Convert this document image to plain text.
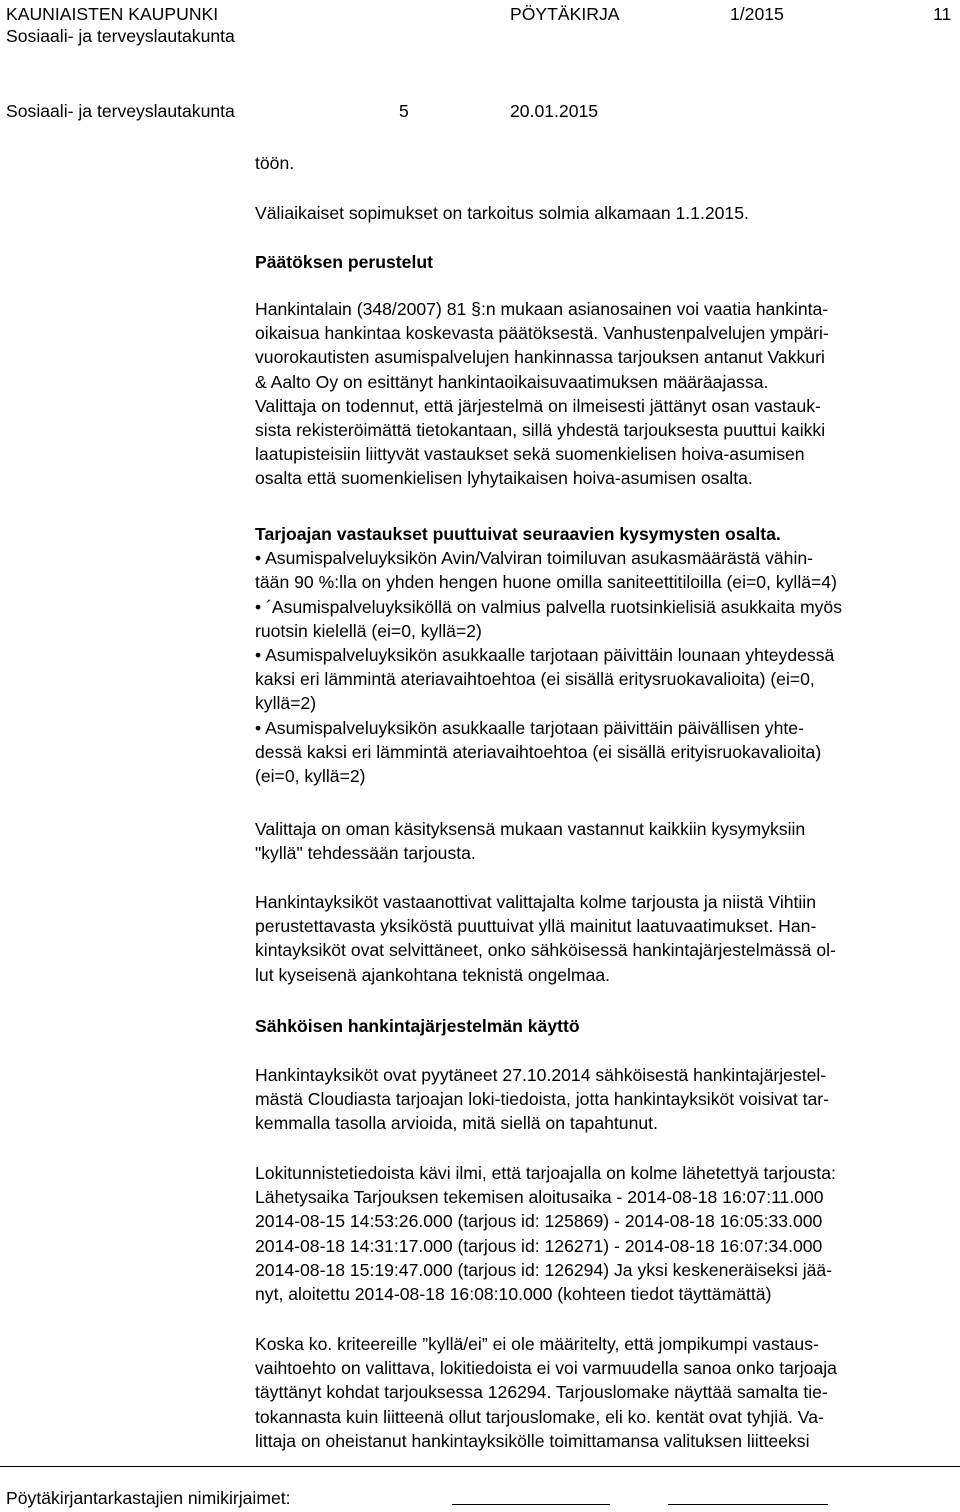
KAUNIAISTEN KAUPUNKI
Sosiaali- ja terveyslautakunta
PÖYTÄKIRJA	1/2015	11
Sosiaali- ja terveyslautakunta	5	20.01.2015
töön.
Väliaikaiset sopimukset on tarkoitus solmia alkamaan 1.1.2015.
Päätöksen perustelut
Hankintalain (348/2007) 81 §:n mukaan asianosainen voi vaatia hankinta-
oikaisua hankintaa koskevasta päätöksestä. Vanhustenpalvelujen ympäri-
vuorokautisten asumispalvelujen hankinnassa tarjouksen antanut Vakkuri
& Aalto Oy on esittänyt hankintaoikaisuvaatimuksen määräajassa.
Valittaja on todennut, että järjestelmä on ilmeisesti jättänyt osan vastauk-
sista rekisteröimättä tietokantaan, sillä yhdestä tarjouksesta puuttui kaikki
laatupisteisiin liittyvät vastaukset sekä suomenkielisen hoiva-asumisen
osalta että suomenkielisen lyhytaikaisen hoiva-asumisen osalta.
Tarjoajan vastaukset puuttuivat seuraavien kysymysten osalta.
• Asumispalveluyksikön Avin/Valviran toimiluvan asukasmäärästä vähin-
tään 90 %:lla on yhden hengen huone omilla saniteettitiloilla (ei=0, kyllä=4)
• ´Asumispalveluyksiköllä on valmius palvella ruotsinkielisiä asukkaita myös
ruotsin kielellä (ei=0, kyllä=2)
• Asumispalveluyksikön asukkaalle tarjotaan päivittäin lounaan yhteydessä
kaksi eri lämmintä ateriavaihtoehtoa (ei sisällä eritysruokavalioita) (ei=0,
kyllä=2)
• Asumispalveluyksikön asukkaalle tarjotaan päivittäin päivällisen yhte-
dessä kaksi eri lämmintä ateriavaihtoehtoa (ei sisällä erityisruokavalioita)
(ei=0, kyllä=2)
Valittaja on oman käsityksensä mukaan vastannut kaikkiin kysymyksiin
"kyllä" tehdessään tarjousta.
Hankintayksiköt vastaanottivat valittajalta kolme tarjousta ja niistä Vihtiin
perustettavasta yksiköstä puuttuivat yllä mainitut laatuvaatimukset. Han-
kintayksiköt ovat selvittäneet, onko sähköisessä hankintajärjestelmässä ol-
lut kyseisenä ajankohtana teknistä ongelmaa.
Sähköisen hankintajärjestelmän käyttö
Hankintayksiköt ovat pyytäneet 27.10.2014 sähköisestä hankintajärjestel-
mästä Cloudiasta tarjoajan loki-tiedoista, jotta hankintayksiköt voisivat tar-
kemmalla tasolla arvioida, mitä siellä on tapahtunut.
Lokitunnistetiedoista kävi ilmi, että tarjoajalla on kolme lähetettyä tarjousta:
Lähetysaika Tarjouksen tekemisen aloitusaika - 2014-08-18 16:07:11.000
2014-08-15 14:53:26.000 (tarjous id: 125869) - 2014-08-18 16:05:33.000
2014-08-18 14:31:17.000 (tarjous id: 126271) - 2014-08-18 16:07:34.000
2014-08-18 15:19:47.000 (tarjous id: 126294) Ja yksi keskeneräiseksi jää-
nyt, aloitettu 2014-08-18 16:08:10.000 (kohteen tiedot täyttämättä)
Koska ko. kriteereille ”kyllä/ei” ei ole määritelty, että jompikumpi vastaus-
vaihtoehto on valittava, lokitiedoista ei voi varmuudella sanoa onko tarjoaja
täyttänyt kohdat tarjouksessa 126294. Tarjouslomake näyttää samalta tie-
tokannasta kuin liitteenä ollut tarjouslomake, eli ko. kentät ovat tyhjiä. Va-
littaja on oheistanut hankintayksikölle toimittamansa valituksen liitteeksi
Pöytäkirjantarkastajien nimikirjaimet:
